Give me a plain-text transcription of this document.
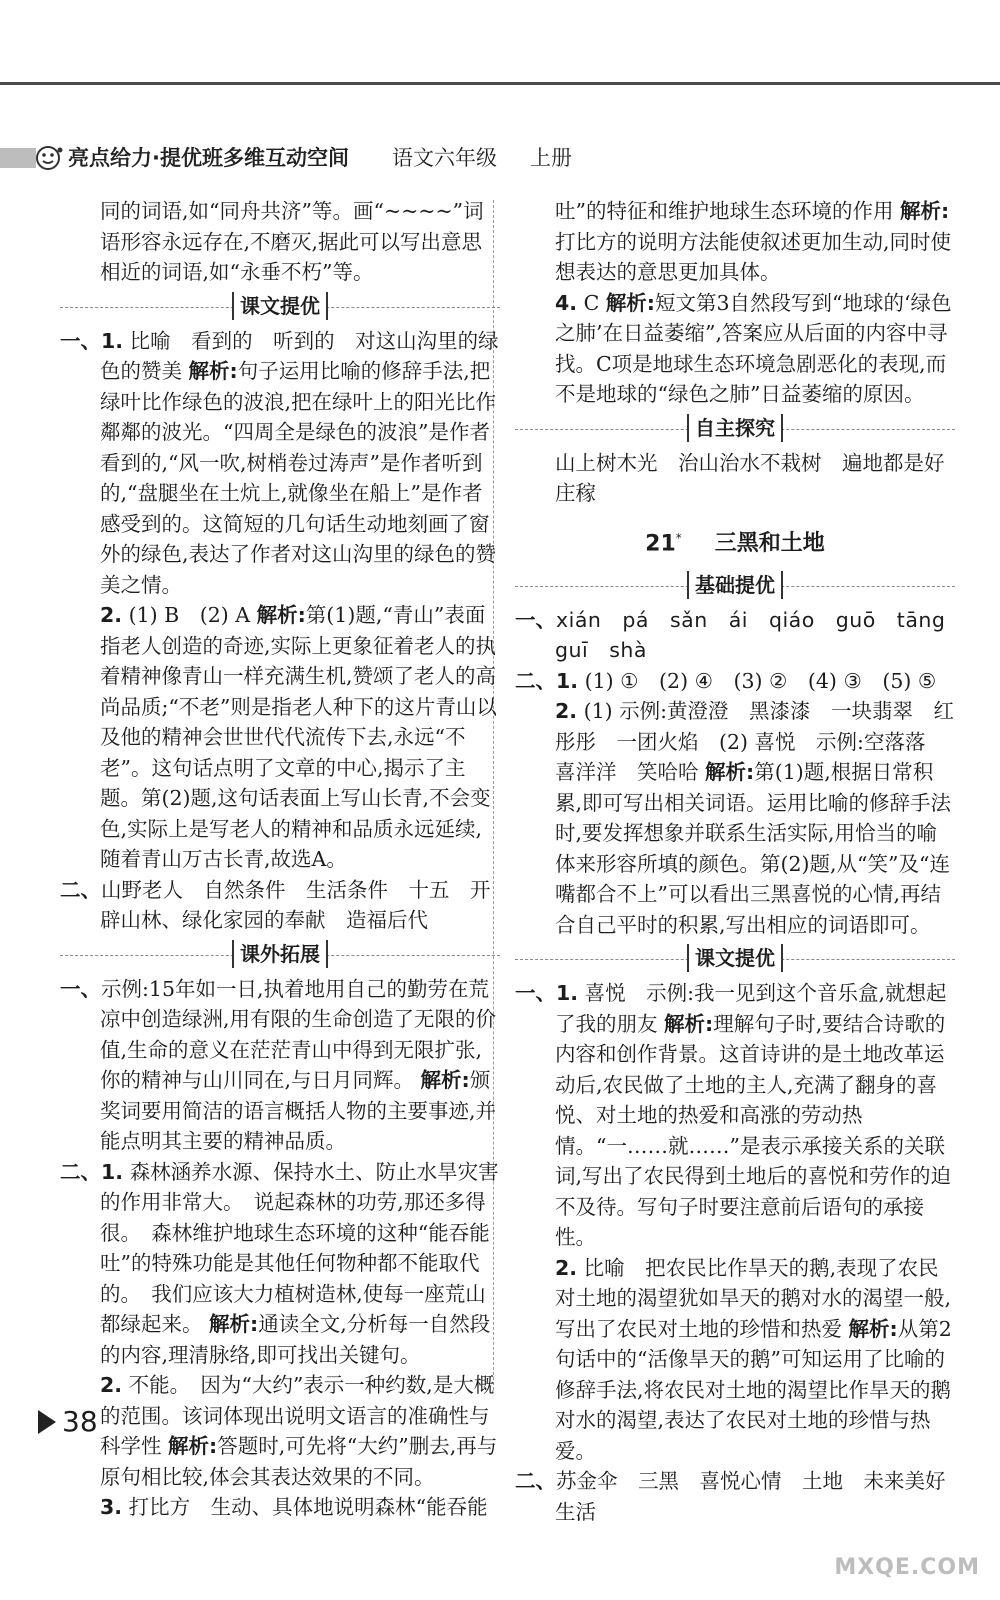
亮点给力·提优班多维互动空间 语文六年级 上册

同的词语,如“同舟共济”等。画“~~~~”词语形容永远存在,不磨灭,据此可以写出意思相近的词语,如“永垂不朽”等。

课文提优

一、1. 比喻　看到的　听到的　对这山沟里的绿色的赞美 解析:句子运用比喻的修辞手法,把绿叶比作绿色的波浪,把在绿叶上的阳光比作鄰鄰的波光。“四周全是绿色的波浪”是作者看到的,“风一吹,树梢卷过涛声”是作者听到的,“盘腿坐在土炕上,就像坐在船上”是作者感受到的。这简短的几句话生动地刻画了窗外的绿色,表达了作者对这山沟里的绿色的赞美之情。

2. (1) B　(2) A 解析:第(1)题,“青山”表面指老人创造的奇迹,实际上更象征着老人的执着精神像青山一样充满生机,赞颂了老人的高尚品质;“不老”则是指老人种下的这片青山以及他的精神会世世代代流传下去,永远“不老”。这句话点明了文章的中心,揭示了主题。第(2)题,这句话表面上写山长青,不会变色,实际上是写老人的精神和品质永远延续,随着青山万古长青,故选A。

二、山野老人　自然条件　生活条件　十五　开辟山林、绿化家园的奉献　造福后代

课外拓展

一、示例:15年如一日,执着地用自己的勤劳在荒凉中创造绿洲,用有限的生命创造了无限的价值,生命的意义在茫茫青山中得到无限扩张,你的精神与山川同在,与日月同辉。 解析:颁奖词要用简洁的语言概括人物的主要事迹,并能点明其主要的精神品质。

二、1. 森林涵养水源、保持水土、防止水旱灾害的作用非常大。　说起森林的功劳,那还多得很。　森林维护地球生态环境的这种“能吞能吐”的特殊功能是其他任何物种都不能取代的。　我们应该大力植树造林,使每一座荒山都绿起来。 解析:通读全文,分析每一自然段的内容,理清脉络,即可找出关键句。

2. 不能。　因为“大约”表示一种约数,是大概的范围。该词体现出说明文语言的准确性与科学性 解析:答题时,可先将“大约”删去,再与原句相比较,体会其表达效果的不同。

3. 打比方　生动、具体地说明森林“能吞能

吐”的特征和维护地球生态环境的作用 解析:打比方的说明方法能使叙述更加生动,同时使想表达的意思更加具体。

4. C 解析:短文第3自然段写到“地球的‘绿色之肺’在日益萎缩”,答案应从后面的内容中寻找。C项是地球生态环境急剧恶化的表现,而不是地球的“绿色之肺”日益萎缩的原因。

自主探究

山上树木光　治山治水不栽树　遍地都是好庄稼

21* 三黑和土地
基础提优

一、xián　pá　sǎn　ái　qiáo　guō　tāng　guī　shà

二、1. (1) ①　(2) ④　(3) ②　(4) ③　(5) ⑤

2. (1) 示例:黄澄澄　黑漆漆　一块翡翠　红彤彤　一团火焰　(2) 喜悦　示例:空落落　喜洋洋　笑哈哈 解析:第(1)题,根据日常积累,即可写出相关词语。运用比喻的修辞手法时,要发挥想象并联系生活实际,用恰当的喻体来形容所填的颜色。第(2)题,从“笑”及“连嘴都合不上”可以看出三黑喜悦的心情,再结合自己平时的积累,写出相应的词语即可。

课文提优

一、1. 喜悦　示例:我一见到这个音乐盒,就想起了我的朋友 解析:理解句子时,要结合诗歌的内容和创作背景。这首诗讲的是土地改革运动后,农民做了土地的主人,充满了翻身的喜悦、对土地的热爱和高涨的劳动热情。“一……就……”是表示承接关系的关联词,写出了农民得到土地后的喜悦和劳作的迫不及待。写句子时要注意前后语句的承接性。

2. 比喻　把农民比作旱天的鹅,表现了农民对土地的渴望犹如旱天的鹅对水的渴望一般,写出了农民对土地的珍惜和热爱 解析:从第2句话中的“活像旱天的鹅”可知运用了比喻的修辞手法,将农民对土地的渴望比作旱天的鹅对水的渴望,表达了农民对土地的珍惜与热爱。

二、苏金伞　三黑　喜悦心情　土地　未来美好生活

38
MXQE.COM
